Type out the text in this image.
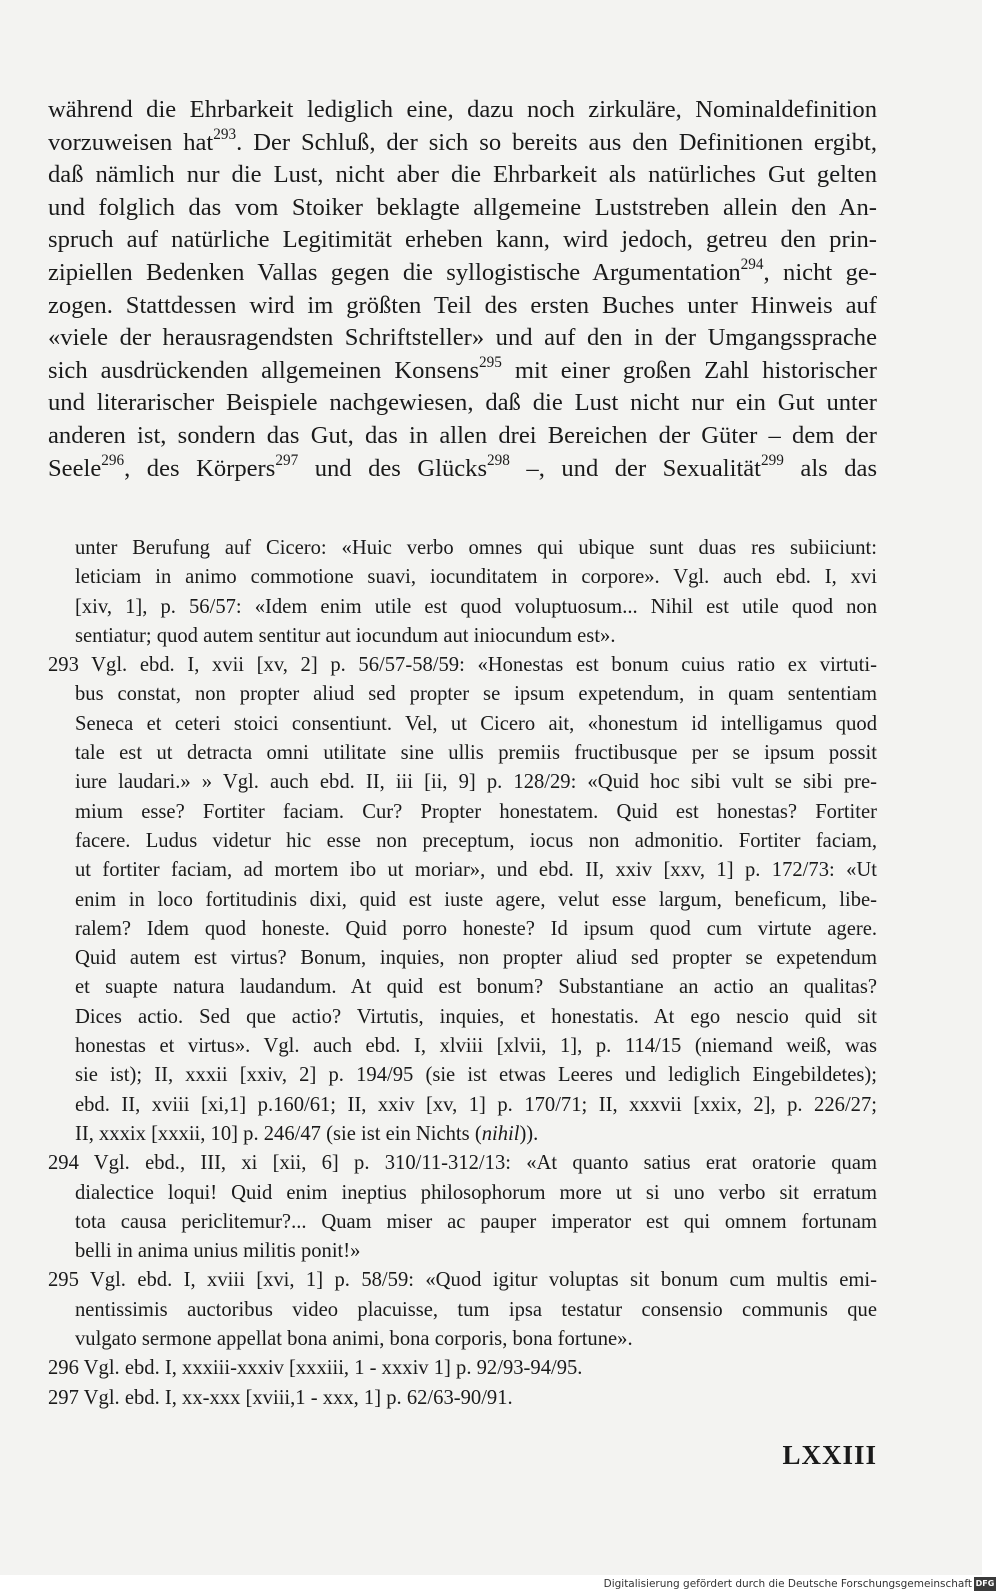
während die Ehrbarkeit lediglich eine, dazu noch zirkuläre, Nominaldefinition
vorzuweisen hat$^{293}$. Der Schluß, der sich so bereits aus den Definitionen ergibt,
daß nämlich nur die Lust, nicht aber die Ehrbarkeit als natürliches Gut gelten
und folglich das vom Stoiker beklagte allgemeine Luststreben allein den An-
spruch auf natürliche Legitimität erheben kann, wird jedoch, getreu den prin-
zipiellen Bedenken Vallas gegen die syllogistische Argumentation$^{294}$, nicht ge-
zogen. Stattdessen wird im größten Teil des ersten Buches unter Hinweis auf
«viele der herausragendsten Schriftsteller» und auf den in der Umgangssprache
sich ausdrückenden allgemeinen Konsens$^{295}$ mit einer großen Zahl historischer
und literarischer Beispiele nachgewiesen, daß die Lust nicht nur ein Gut unter
anderen ist, sondern das Gut, das in allen drei Bereichen der Güter – dem der
Seele$^{296}$, des Körpers$^{297}$ und des Glücks$^{298}$ –, und der Sexualität$^{299}$ als das
unter Berufung auf Cicero: «Huic verbo omnes qui ubique sunt duas res subiiciunt:
leticiam in animo commotione suavi, iocunditatem in corpore». Vgl. auch ebd. I, xvi
[xiv, 1], p. 56/57: «Idem enim utile est quod voluptuosum... Nihil est utile quod non
sentiatur; quod autem sentitur aut iocundum aut iniocundum est».
293 Vgl. ebd. I, xvii [xv, 2] p. 56/57-58/59: «Honestas est bonum cuius ratio ex virtuti-
bus constat, non propter aliud sed propter se ipsum expetendum, in quam sententiam
Seneca et ceteri stoici consentiunt. Vel, ut Cicero ait, «honestum id intelligamus quod
tale est ut detracta omni utilitate sine ullis premiis fructibusque per se ipsum possit
iure laudari.» » Vgl. auch ebd. II, iii [ii, 9] p. 128/29: «Quid hoc sibi vult se sibi pre-
mium esse? Fortiter faciam. Cur? Propter honestatem. Quid est honestas? Fortiter
facere. Ludus videtur hic esse non preceptum, iocus non admonitio. Fortiter faciam,
ut fortiter faciam, ad mortem ibo ut moriar», und ebd. II, xxiv [xxv, 1] p. 172/73: «Ut
enim in loco fortitudinis dixi, quid est iuste agere, velut esse largum, beneficum, libe-
ralem? Idem quod honeste. Quid porro honeste? Id ipsum quod cum virtute agere.
Quid autem est virtus? Bonum, inquies, non propter aliud sed propter se expetendum
et suapte natura laudandum. At quid est bonum? Substantiane an actio an qualitas?
Dices actio. Sed que actio? Virtutis, inquies, et honestatis. At ego nescio quid sit
honestas et virtus». Vgl. auch ebd. I, xlviii [xlvii, 1], p. 114/15 (niemand weiß, was
sie ist); II, xxxii [xxiv, 2] p. 194/95 (sie ist etwas Leeres und lediglich Eingebildetes);
ebd. II, xviii [xi,1] p.160/61; II, xxiv [xv, 1] p. 170/71; II, xxxvii [xxix, 2], p. 226/27;
II, xxxix [xxxii, 10] p. 246/47 (sie ist ein Nichts (nihil)).
294 Vgl. ebd., III, xi [xii, 6] p. 310/11-312/13: «At quanto satius erat oratorie quam
dialectice loqui! Quid enim ineptius philosophorum more ut si uno verbo sit erratum
tota causa periclitemur?... Quam miser ac pauper imperator est qui omnem fortunam
belli in anima unius militis ponit!»
295 Vgl. ebd. I, xviii [xvi, 1] p. 58/59: «Quod igitur voluptas sit bonum cum multis emi-
nentissimis auctoribus video placuisse, tum ipsa testatur consensio communis que
vulgato sermone appellat bona animi, bona corporis, bona fortune».
296 Vgl. ebd. I, xxxiii-xxxiv [xxxiii, 1 - xxxiv 1] p. 92/93-94/95.
297 Vgl. ebd. I, xx-xxx [xviii,1 - xxx, 1] p. 62/63-90/91.
LXXIII
Digitalisierung gefördert durch die Deutsche Forschungsgemeinschaft DFG
